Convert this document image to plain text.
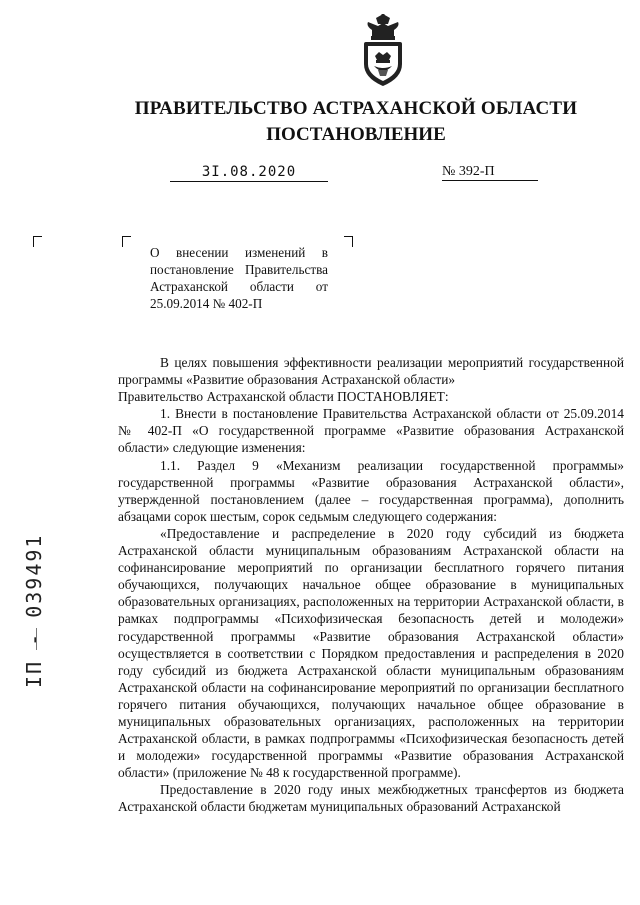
ПРАВИТЕЛЬСТВО АСТРАХАНСКОЙ ОБЛАСТИ
ПОСТАНОВЛЕНИЕ
3I.08.2020	№ 392-П
О внесении изменений в постановление Правительства Астраханской области от 25.09.2014 № 402-П

В целях повышения эффективности реализации мероприятий государственной программы «Развитие образования Астраханской области»

Правительство Астраханской области ПОСТАНОВЛЯЕТ:

1. Внести в постановление Правительства Астраханской области от 25.09.2014 № 402-П «О государственной программе «Развитие образования Астраханской области» следующие изменения:

1.1. Раздел 9 «Механизм реализации государственной программы» государственной программы «Развитие образования Астраханской области», утвержденной постановлением (далее – государственная программа), дополнить абзацами сорок шестым, сорок седьмым следующего содержания:

«Предоставление и распределение в 2020 году субсидий из бюджета Астраханской области муниципальным образованиям Астраханской области на софинансирование мероприятий по организации бесплатного горячего питания обучающихся, получающих начальное общее образование в муниципальных образовательных организациях, расположенных на территории Астраханской области, в рамках подпрограммы «Психофизическая безопасность детей и молодежи» государственной программы «Развитие образования Астраханской области» осуществляется в соответствии с Порядком предоставления и распределения в 2020 году субсидий из бюджета Астраханской области муниципальным образованиям Астраханской области на софинансирование мероприятий по организации бесплатного горячего питания обучающихся, получающих начальное общее образование в муниципальных образовательных организациях, расположенных на территории Астраханской области, в рамках подпрограммы «Психофизическая безопасность детей и молодежи» государственной программы «Развитие образования Астраханской области» (приложение № 48 к государственной программе).

Предоставление в 2020 году иных межбюджетных трансфертов из бюджета Астраханской области бюджетам муниципальных образований Астраханской

ІП - 039491
